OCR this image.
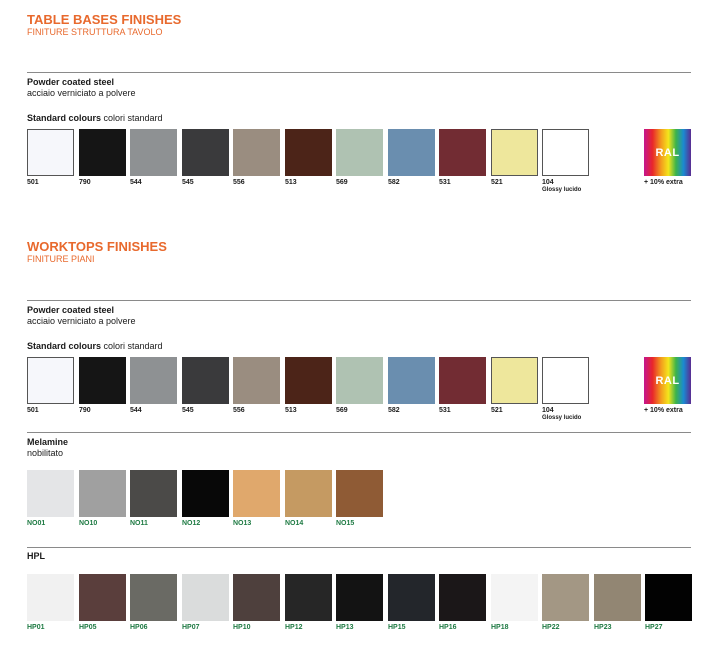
TABLE BASES FINISHES
FINITURE STRUTTURA TAVOLO
Powder coated steel
acciaio verniciato a polvere
Standard colours colori standard
501	790	544	545	556	513	569	582	531	521	104
Glossy lucido
RAL
+ 10% extra
WORKTOPS FINISHES
FINITURE PIANI
Powder coated steel
acciaio verniciato a polvere
Standard colours colori standard
501	790	544	545	556	513	569	582	531	521	104
Glossy lucido
RAL
+ 10% extra
Melamine
nobilitato
NO01	NO10	NO11	NO12	NO13	NO14	NO15
HPL
HP01	HP05	HP06	HP07	HP10	HP12	HP13	HP15	HP16	HP18	HP22	HP23	HP27
